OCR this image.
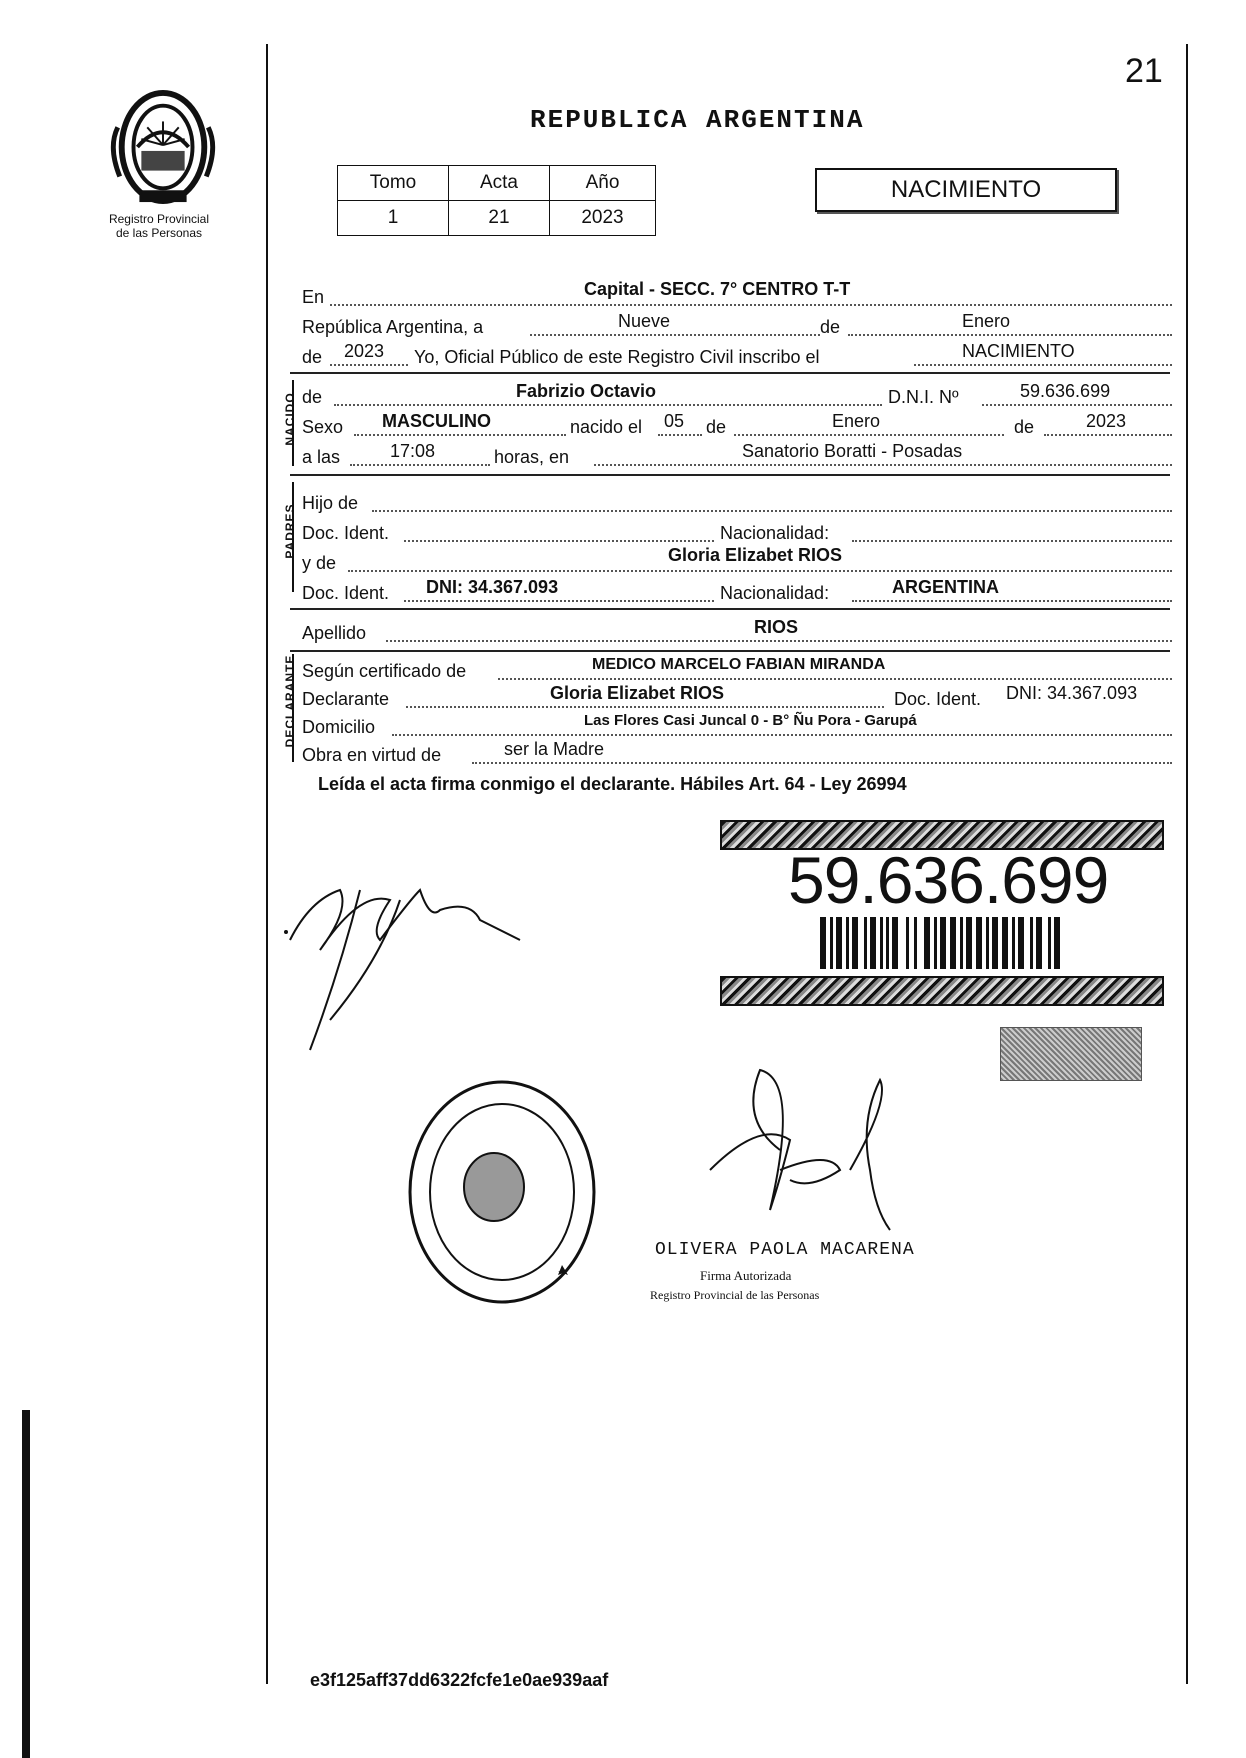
21
REPUBLICA ARGENTINA
Registro Provincial
de las Personas
Tomo	Acta	Año
1	21	2023
NACIMIENTO
En	Capital - SECC. 7° CENTRO T-T
República Argentina, a	Nueve	de	Enero
de 2023 Yo, Oficial Público de este Registro Civil inscribo el	NACIMIENTO
NACIDO de	Fabrizio Octavio	D.N.I. Nº	59.636.699
Sexo MASCULINO	nacido el 05 de	Enero	de	2023
a las	17:08	horas, en	Sanatorio Boratti - Posadas
PADRES
Hijo de
Doc. Ident.	Nacionalidad:
y de	Gloria Elizabet RIOS
Doc. Ident. DNI: 34.367.093	Nacionalidad:	ARGENTINA
Apellido	RIOS
DECLARANTE Según certificado de	MEDICO MARCELO FABIAN MIRANDA
Declarante	Gloria Elizabet RIOS	Doc. Ident. DNI: 34.367.093
Domicilio	Las Flores Casi Juncal 0 - B° Ñu Pora - Garupá
Obra en virtud de	ser la Madre
Leída el acta firma conmigo el declarante. Hábiles Art. 64 - Ley 26994
59.636.699
OLIVERA PAOLA MACARENA
Firma Autorizada
Registro Provincial de las Personas
e3f125aff37dd6322fcfe1e0ae939aaf
